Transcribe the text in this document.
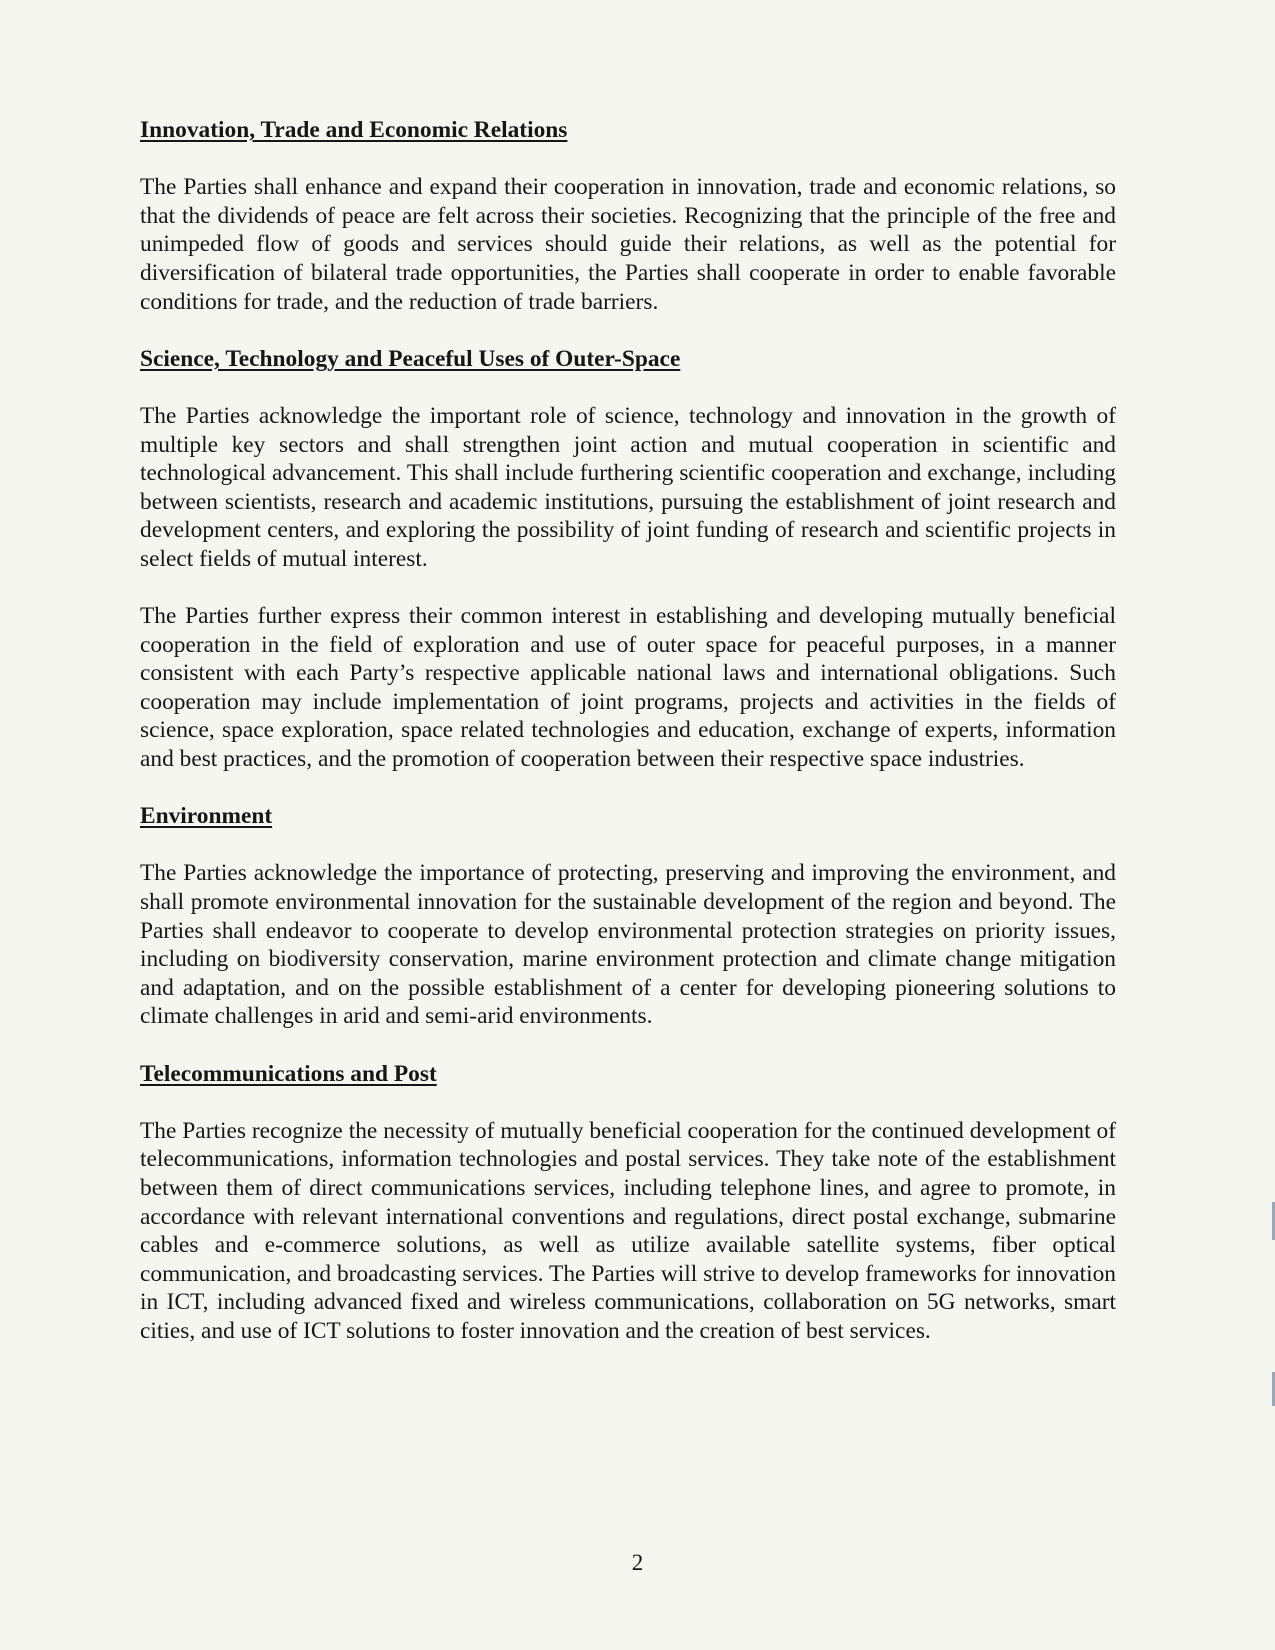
Innovation, Trade and Economic Relations

The Parties shall enhance and expand their cooperation in innovation, trade and economic relations, so that the dividends of peace are felt across their societies. Recognizing that the principle of the free and unimpeded flow of goods and services should guide their relations, as well as the potential for diversification of bilateral trade opportunities, the Parties shall cooperate in order to enable favorable conditions for trade, and the reduction of trade barriers.

Science, Technology and Peaceful Uses of Outer-Space

The Parties acknowledge the important role of science, technology and innovation in the growth of multiple key sectors and shall strengthen joint action and mutual cooperation in scientific and technological advancement. This shall include furthering scientific cooperation and exchange, including between scientists, research and academic institutions, pursuing the establishment of joint research and development centers, and exploring the possibility of joint funding of research and scientific projects in select fields of mutual interest.

The Parties further express their common interest in establishing and developing mutually beneficial cooperation in the field of exploration and use of outer space for peaceful purposes, in a manner consistent with each Party’s respective applicable national laws and international obligations. Such cooperation may include implementation of joint programs, projects and activities in the fields of science, space exploration, space related technologies and education, exchange of experts, information and best practices, and the promotion of cooperation between their respective space industries.

Environment

The Parties acknowledge the importance of protecting, preserving and improving the environment, and shall promote environmental innovation for the sustainable development of the region and beyond. The Parties shall endeavor to cooperate to develop environmental protection strategies on priority issues, including on biodiversity conservation, marine environment protection and climate change mitigation and adaptation, and on the possible establishment of a center for developing pioneering solutions to climate challenges in arid and semi-arid environments.

Telecommunications and Post

The Parties recognize the necessity of mutually beneficial cooperation for the continued development of telecommunications, information technologies and postal services. They take note of the establishment between them of direct communications services, including telephone lines, and agree to promote, in accordance with relevant international conventions and regulations, direct postal exchange, submarine cables and e-commerce solutions, as well as utilize available satellite systems, fiber optical communication, and broadcasting services. The Parties will strive to develop frameworks for innovation in ICT, including advanced fixed and wireless communications, collaboration on 5G networks, smart cities, and use of ICT solutions to foster innovation and the creation of best services.

2
